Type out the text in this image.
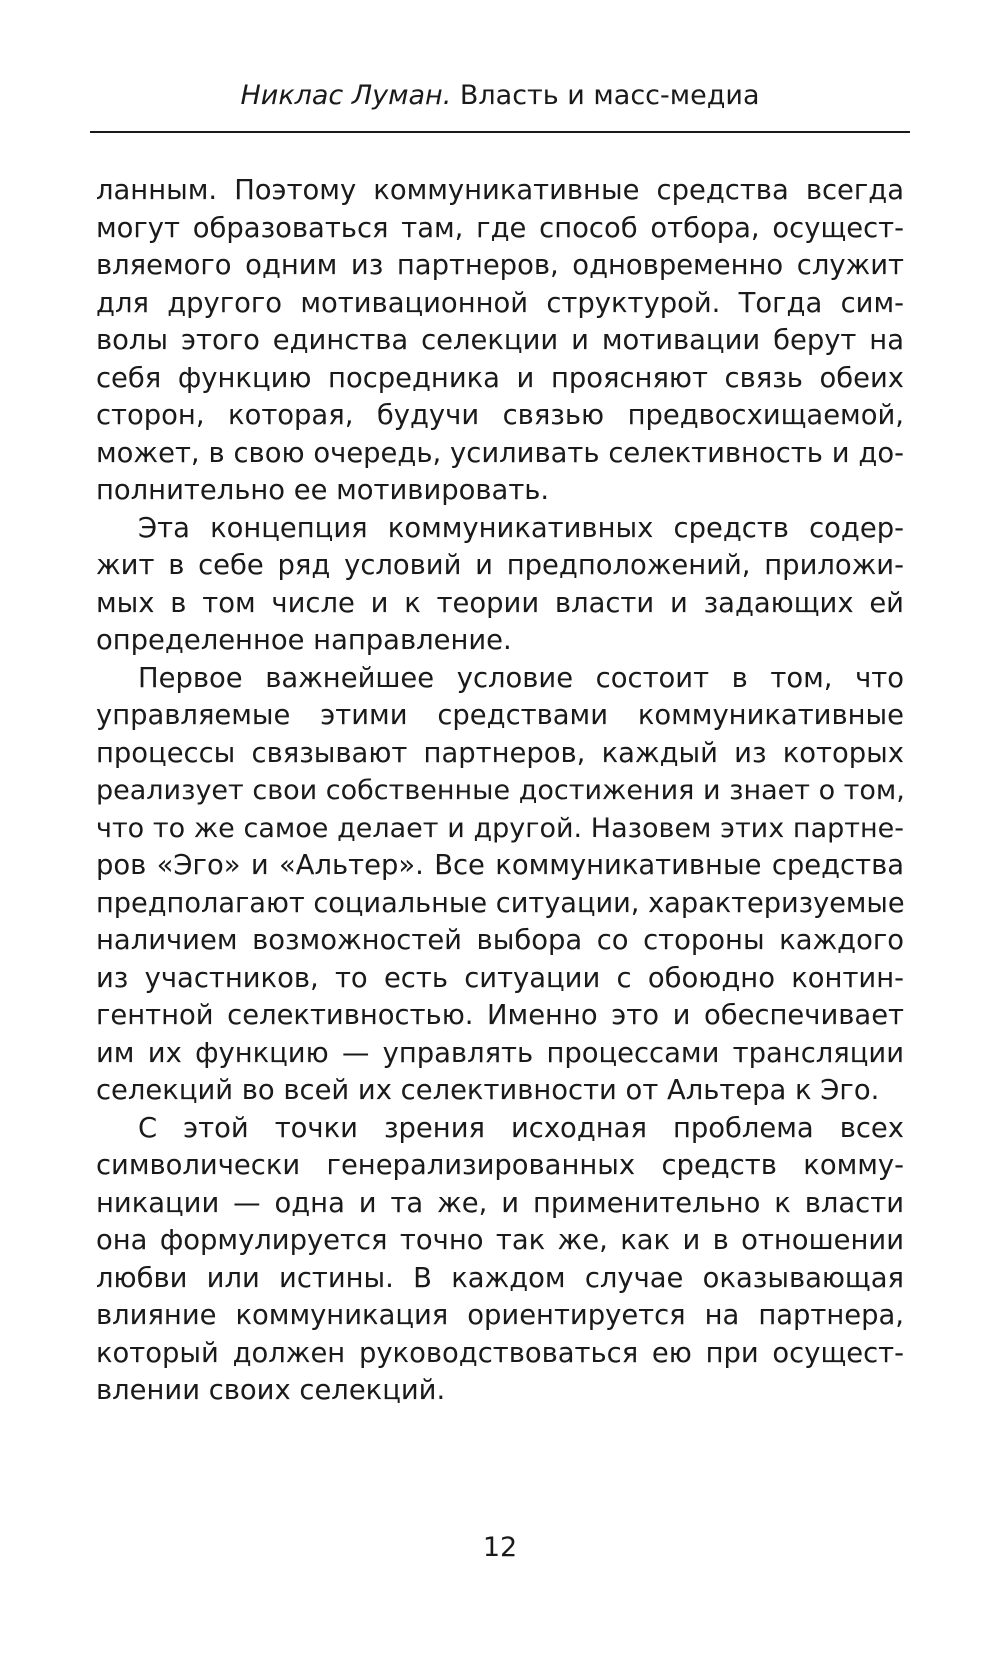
Никлас Луман. Власть и масс-медиа
ланным. Поэтому коммуникативные средства всегда
могут образоваться там, где способ отбора, осущест-
вляемого одним из партнеров, одновременно служит
для другого мотивационной структурой. Тогда сим-
волы этого единства селекции и мотивации берут на
себя функцию посредника и проясняют связь обеих
сторон, которая, будучи связью предвосхищаемой,
может, в свою очередь, усиливать селективность и до-
полнительно ее мотивировать.
Эта концепция коммуникативных средств содер-
жит в себе ряд условий и предположений, приложи-
мых в том числе и к теории власти и задающих ей
определенное направление.
Первое важнейшее условие состоит в том, что
управляемые этими средствами коммуникативные
процессы связывают партнеров, каждый из которых
реализует свои собственные достижения и знает о том,
что то же самое делает и другой. Назовем этих партне-
ров «Эго» и «Альтер». Все коммуникативные средства
предполагают социальные ситуации, характеризуемые
наличием возможностей выбора со стороны каждого
из участников, то есть ситуации с обоюдно контин-
гентной селективностью. Именно это и обеспечивает
им их функцию — управлять процессами трансляции
селекций во всей их селективности от Альтера к Эго.
С этой точки зрения исходная проблема всех
символически генерализированных средств комму-
никации — одна и та же, и применительно к власти
она формулируется точно так же, как и в отношении
любви или истины. В каждом случае оказывающая
влияние коммуникация ориентируется на партнера,
который должен руководствоваться ею при осущест-
влении своих селекций.
12
